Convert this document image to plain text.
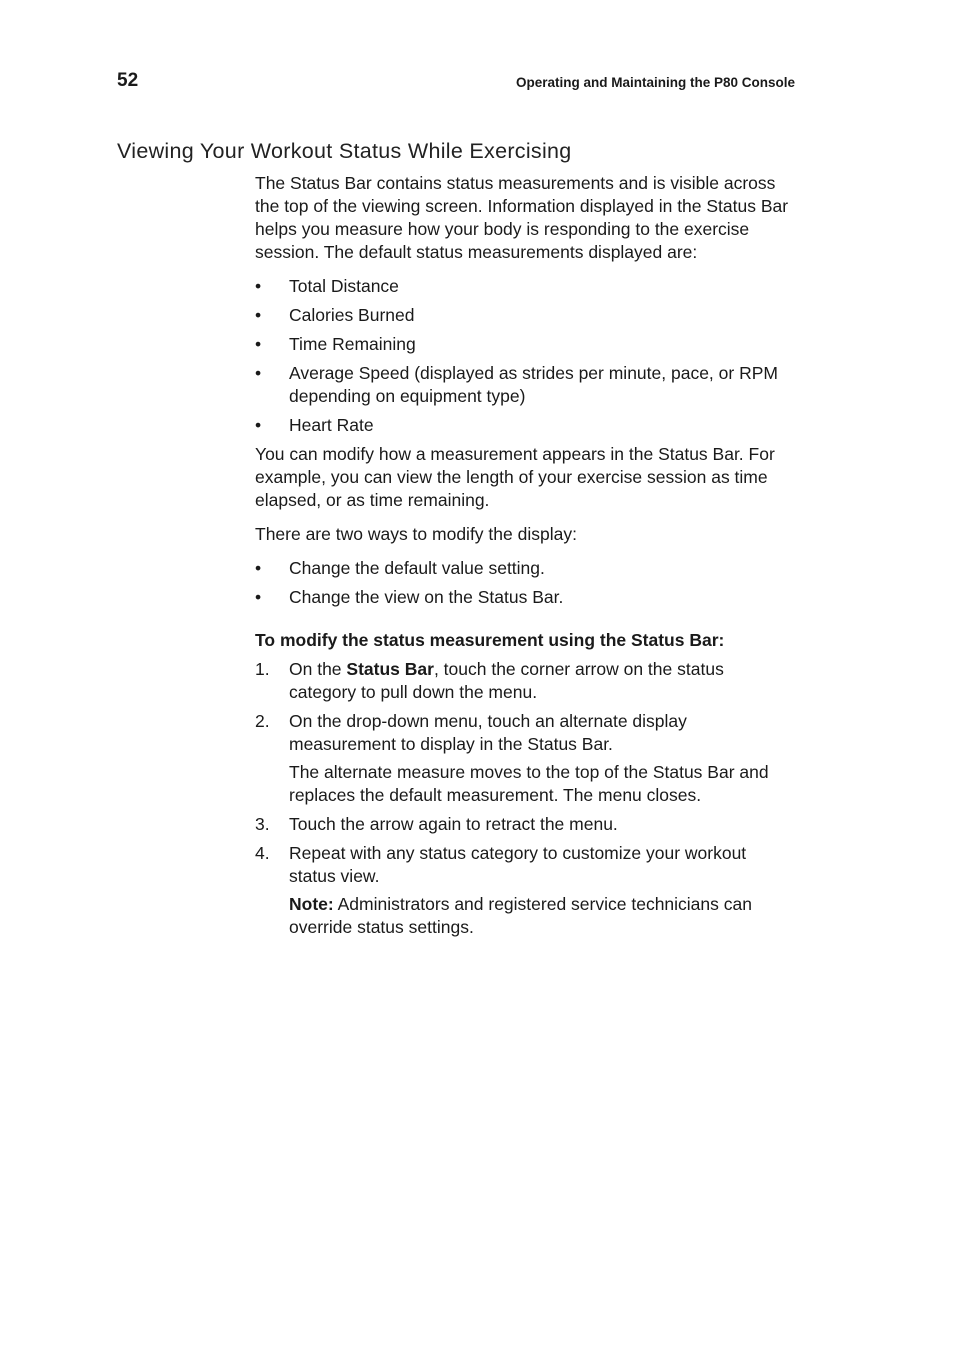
52	Operating and Maintaining the P80 Console
Viewing Your Workout Status While Exercising

The Status Bar contains status measurements and is visible across the top of the viewing screen. Information displayed in the Status Bar helps you measure how your body is responding to the exercise session. The default status measurements displayed are:

• Total Distance
• Calories Burned
• Time Remaining
• Average Speed (displayed as strides per minute, pace, or RPM depending on equipment type)
• Heart Rate

You can modify how a measurement appears in the Status Bar. For example, you can view the length of your exercise session as time elapsed, or as time remaining.

There are two ways to modify the display:

• Change the default value setting.
• Change the view on the Status Bar.

To modify the status measurement using the Status Bar:

1. On the Status Bar, touch the corner arrow on the status category to pull down the menu.
2. On the drop-down menu, touch an alternate display measurement to display in the Status Bar.

The alternate measure moves to the top of the Status Bar and replaces the default measurement. The menu closes.

3. Touch the arrow again to retract the menu.
4. Repeat with any status category to customize your workout status view.

Note: Administrators and registered service technicians can override status settings.
